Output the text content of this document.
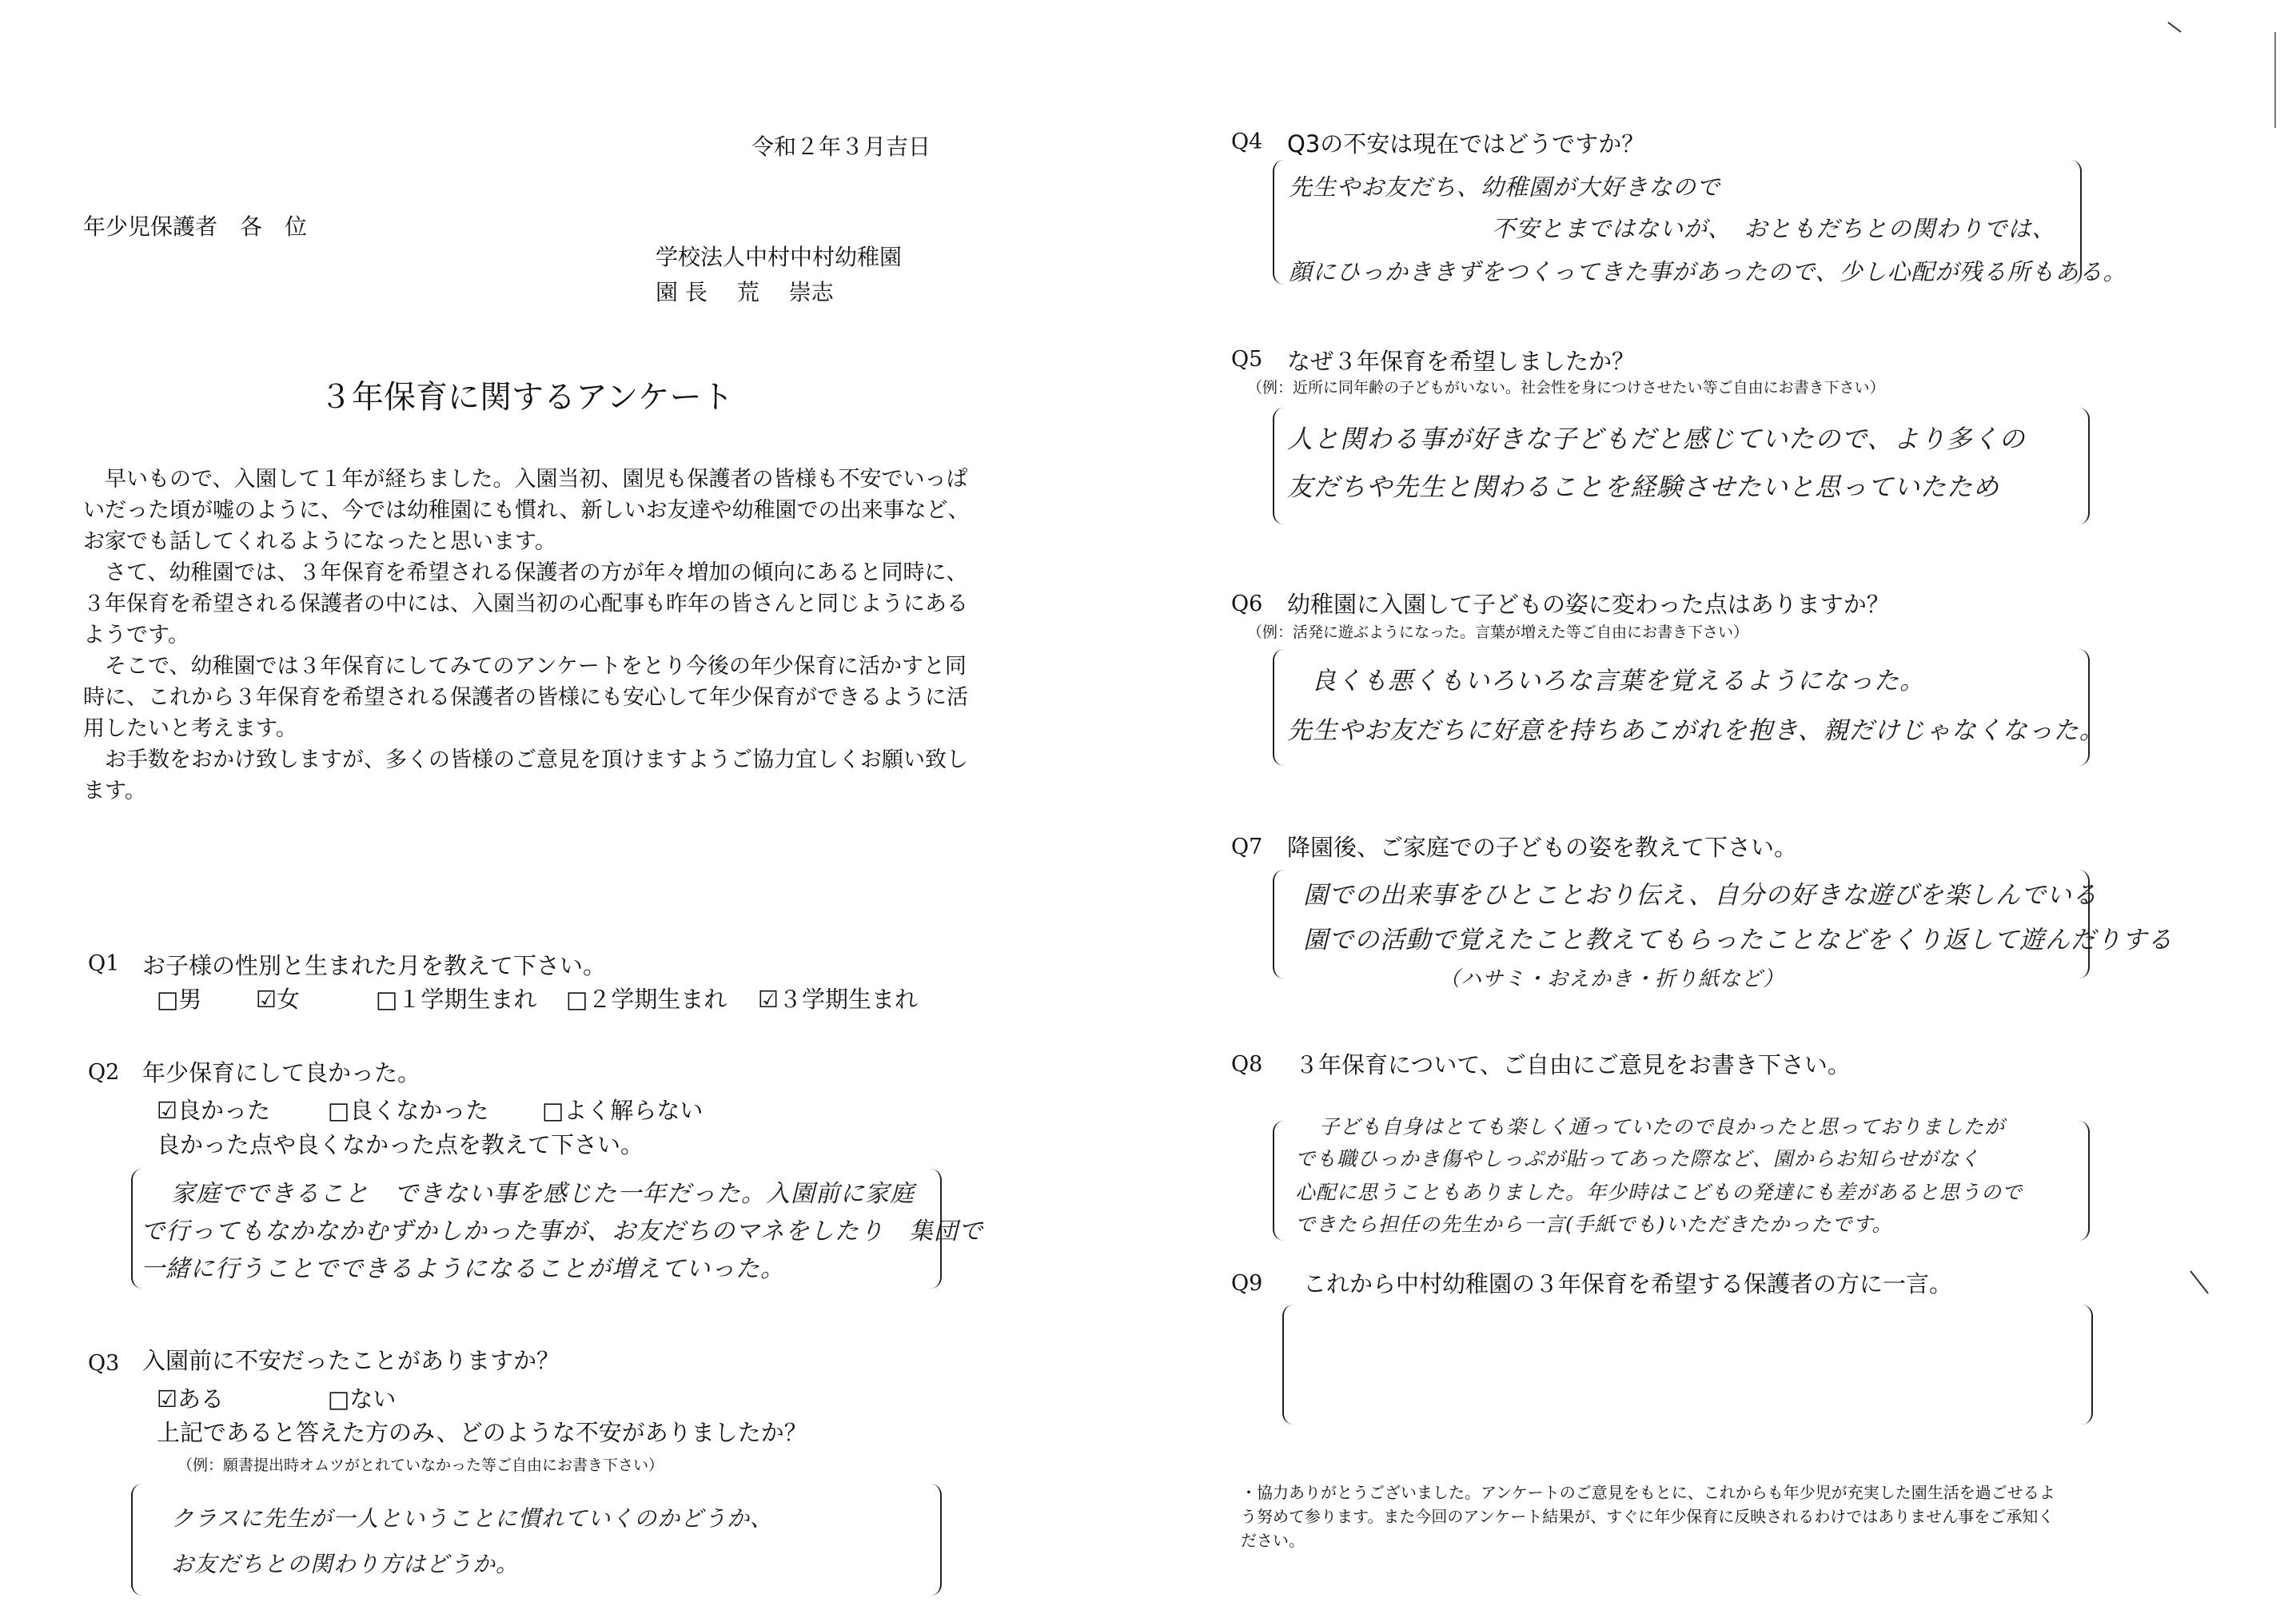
令和２年３月吉日
年少児保護者　各　位
学校法人中村中村幼稚園
園 長　 荒　 崇志
３年保育に関するアンケート

　早いもので、入園して１年が経ちました。入園当初、園児も保護者の皆様も不安でいっぱいだった頃が嘘のように、今では幼稚園にも慣れ、新しいお友達や幼稚園での出来事など、お家でも話してくれるようになったと思います。

　さて、幼稚園では、３年保育を希望される保護者の方が年々増加の傾向にあると同時に、３年保育を希望される保護者の中には、入園当初の心配事も昨年の皆さんと同じようにあるようです。

　そこで、幼稚園では３年保育にしてみてのアンケートをとり今後の年少保育に活かすと同時に、これから３年保育を希望される保護者の皆様にも安心して年少保育ができるように活用したいと考えます。

　お手数をおかけ致しますが、多くの皆様のご意見を頂けますようご協力宜しくお願い致します。

Q1 お子様の性別と生まれた月を教えて下さい。
□男 ☑女	□１学期生まれ □２学期生まれ ☑３学期生まれ
Q2 年少保育にして良かった。
☑良かった □良くなかった □よく解らない
良かった点や良くなかった点を教えて下さい。
家庭でできること　できない事を感じた一年だった。入園前に家庭
で行ってもなかなかむずかしかった事が、お友だちのマネをしたり　集団で
一緒に行うことでできるようになることが増えていった。
Q3 入園前に不安だったことがありますか？
☑ある	□ない
上記であると答えた方のみ、どのような不安がありましたか？
（例：願書提出時オムツがとれていなかった等ご自由にお書き下さい）
クラスに先生が一人ということに慣れていくのかどうか、
お友だちとの関わり方はどうか。
Q4 Q3の不安は現在ではどうですか？
先生やお友だち、幼稚園が大好きなので
不安とまではないが、　おともだちとの関わりでは、
顔にひっかききずをつくってきた事があったので、少し心配が残る所もある。
Q5 なぜ３年保育を希望しましたか？
（例：近所に同年齢の子どもがいない。社会性を身につけさせたい等ご自由にお書き下さい）
人と関わる事が好きな子どもだと感じていたので、より多くの
友だちや先生と関わることを経験させたいと思っていたため
Q6 幼稚園に入園して子どもの姿に変わった点はありますか？
（例：活発に遊ぶようになった。言葉が増えた等ご自由にお書き下さい）
良くも悪くもいろいろな言葉を覚えるようになった。
先生やお友だちに好意を持ちあこがれを抱き、親だけじゃなくなった。
Q7 降園後、ご家庭での子どもの姿を教えて下さい。
園での出来事をひとことおり伝え、自分の好きな遊びを楽しんでいる
園での活動で覚えたこと教えてもらったことなどをくり返して遊んだりする
（ハサミ・おえかき・折り紙など）
Q8 ３年保育について、ご自由にご意見をお書き下さい。
子ども自身はとても楽しく通っていたので良かったと思っておりましたが
でも職ひっかき傷やしっぷが貼ってあった際など、園からお知らせがなく
心配に思うこともありました。年少時はこどもの発達にも差があると思うので
できたら担任の先生から一言(手紙でも)いただきたかったです。
Q9 これから中村幼稚園の３年保育を希望する保護者の方に一言。
・協力ありがとうございました。アンケートのご意見をもとに、これからも年少児が充実した園生活を過ごせるよう努めて参ります。また今回のアンケート結果が、すぐに年少保育に反映されるわけではありません事をご承知ください。
